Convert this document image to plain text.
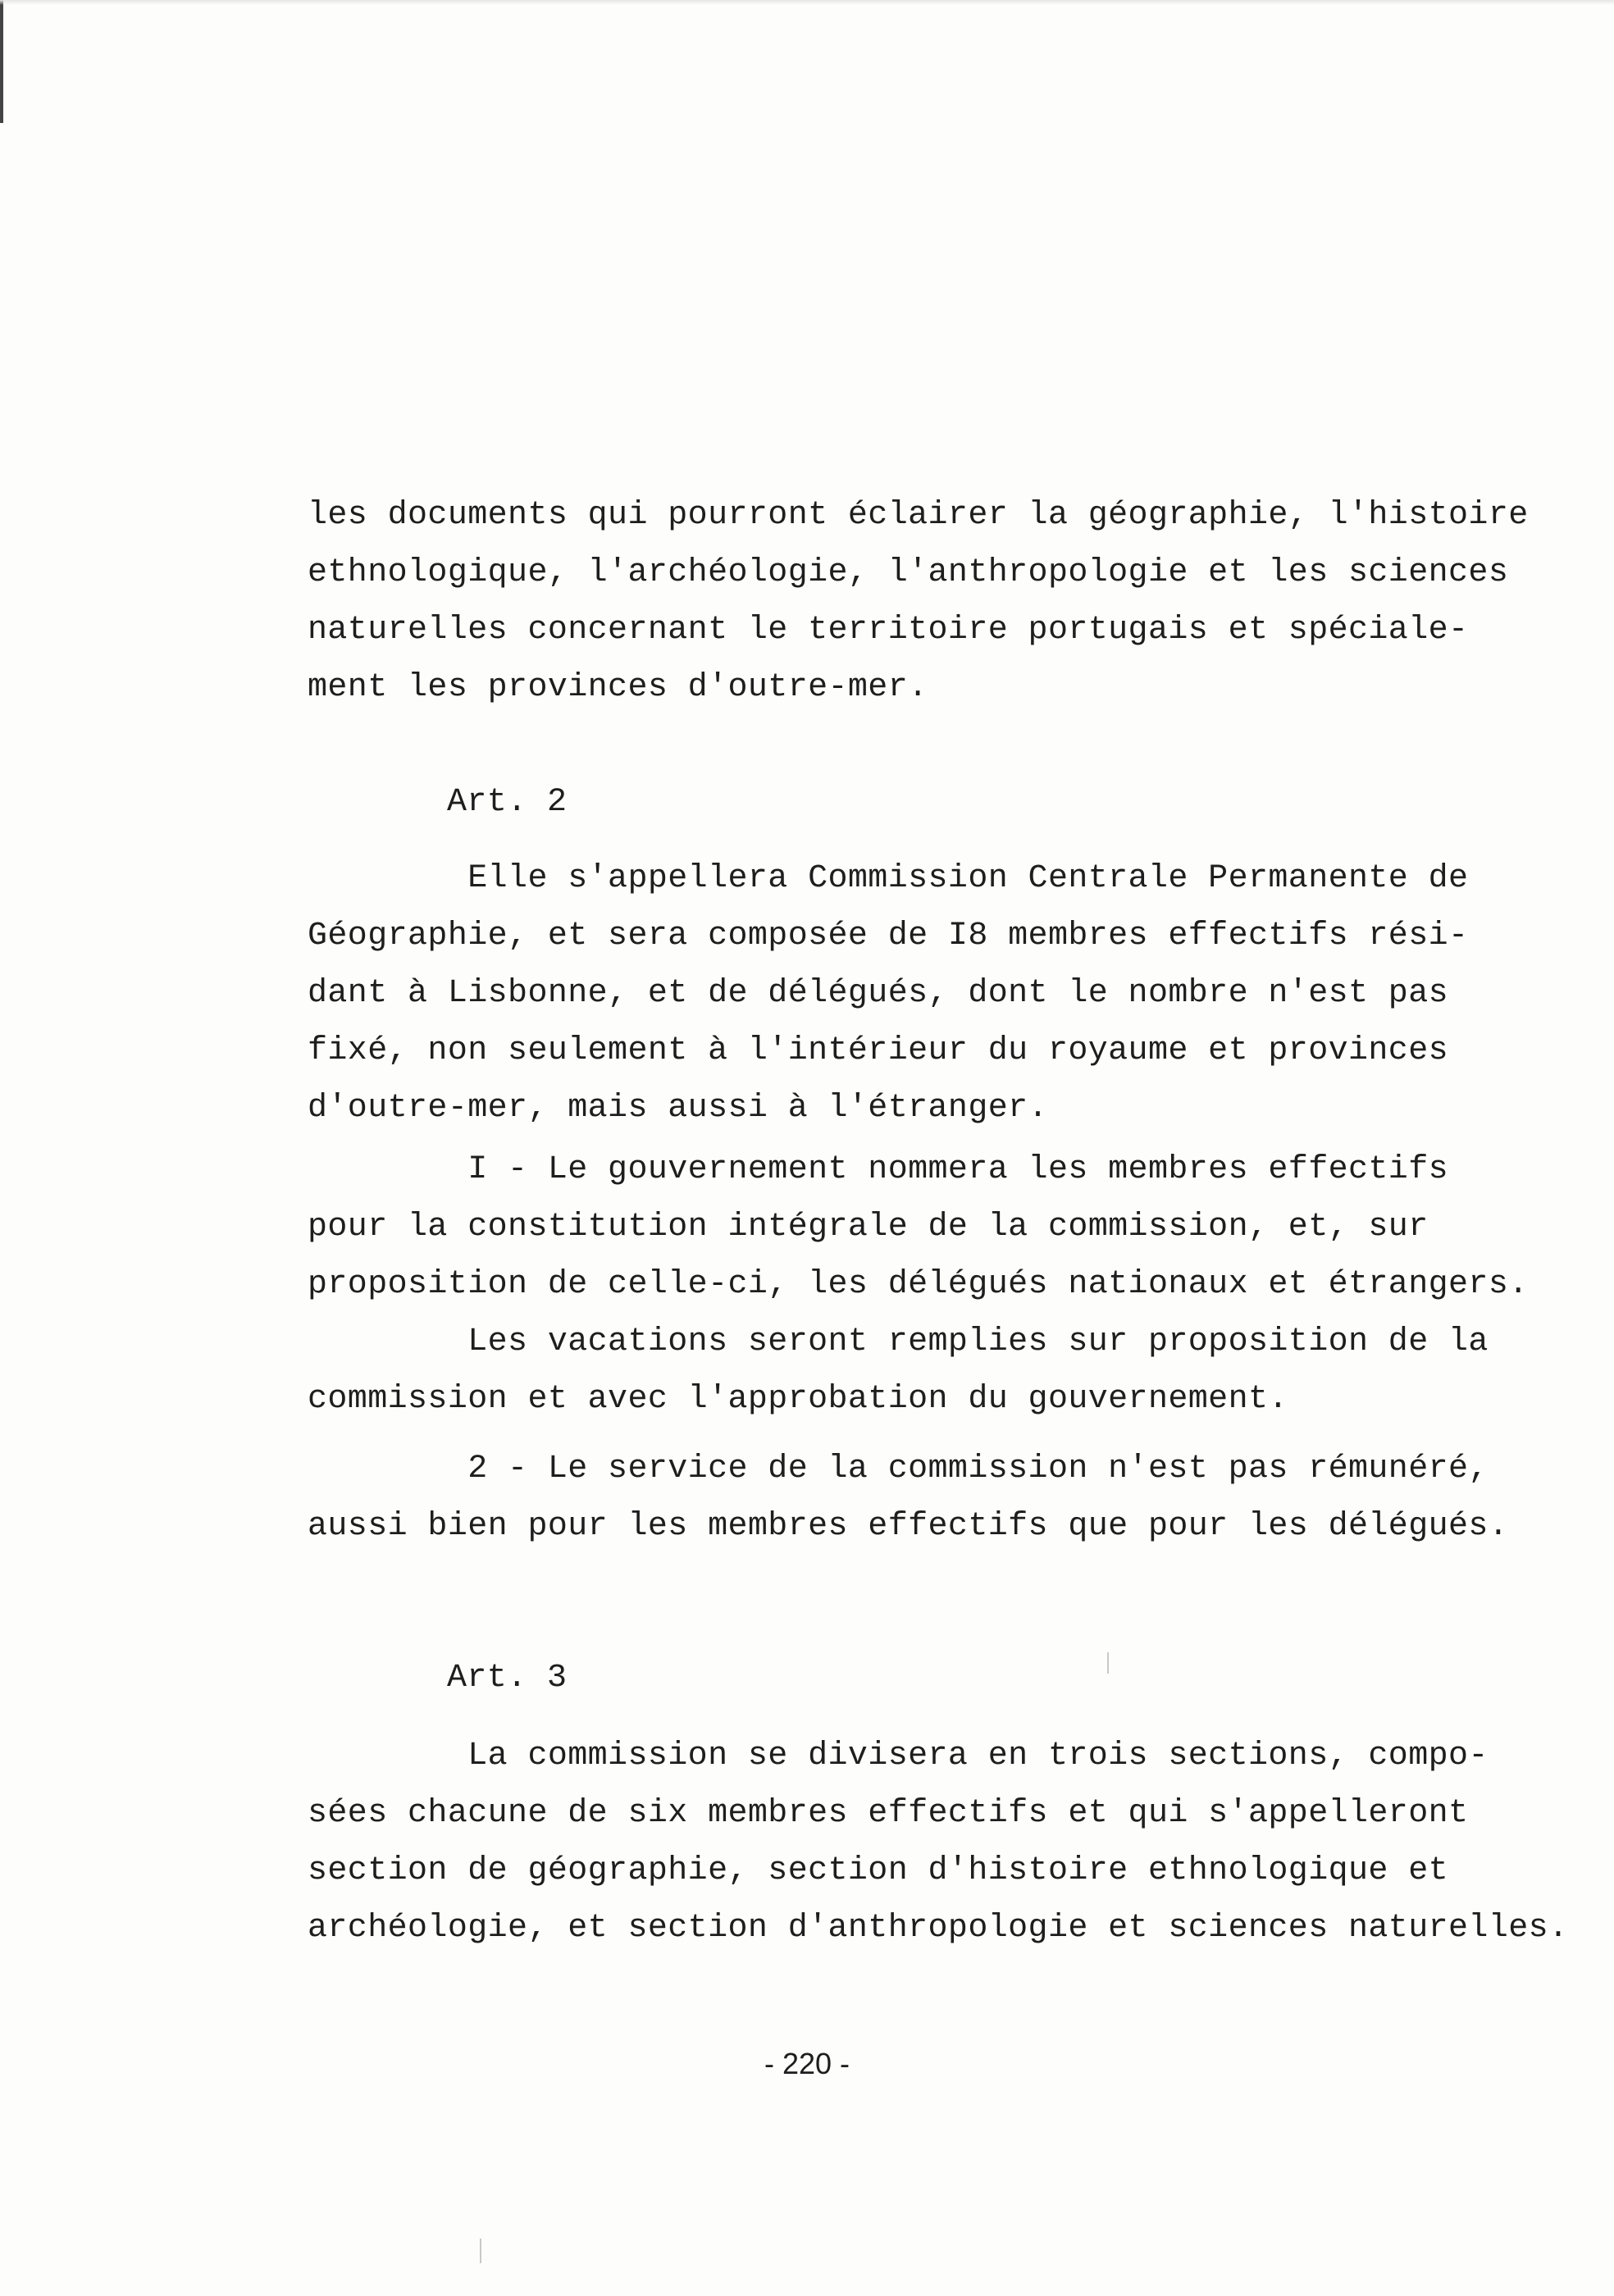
les documents qui pourront éclairer la géographie, l'histoire

ethnologique, l'archéologie, l'anthropologie et les sciences

naturelles concernant le territoire portugais et spéciale-

ment les provinces d'outre-mer.

Art. 2

Elle s'appellera Commission Centrale Permanente de

Géographie, et sera composée de I8 membres effectifs rési-

dant à Lisbonne, et de délégués, dont le nombre n'est pas

fixé, non seulement à l'intérieur du royaume et provinces

d'outre-mer, mais aussi à l'étranger.

I - Le gouvernement nommera les membres effectifs

pour la constitution intégrale de la commission, et, sur

proposition de celle-ci, les délégués nationaux et étrangers.

Les vacations seront remplies sur proposition de la

commission et avec l'approbation du gouvernement.

2 - Le service de la commission n'est pas rémunéré,

aussi bien pour les membres effectifs que pour les délégués.

Art. 3

La commission se divisera en trois sections, compo-

sées chacune de six membres effectifs et qui s'appelleront

section de géographie, section d'histoire ethnologique et

archéologie, et section d'anthropologie et sciences naturelles.

- 220 -
